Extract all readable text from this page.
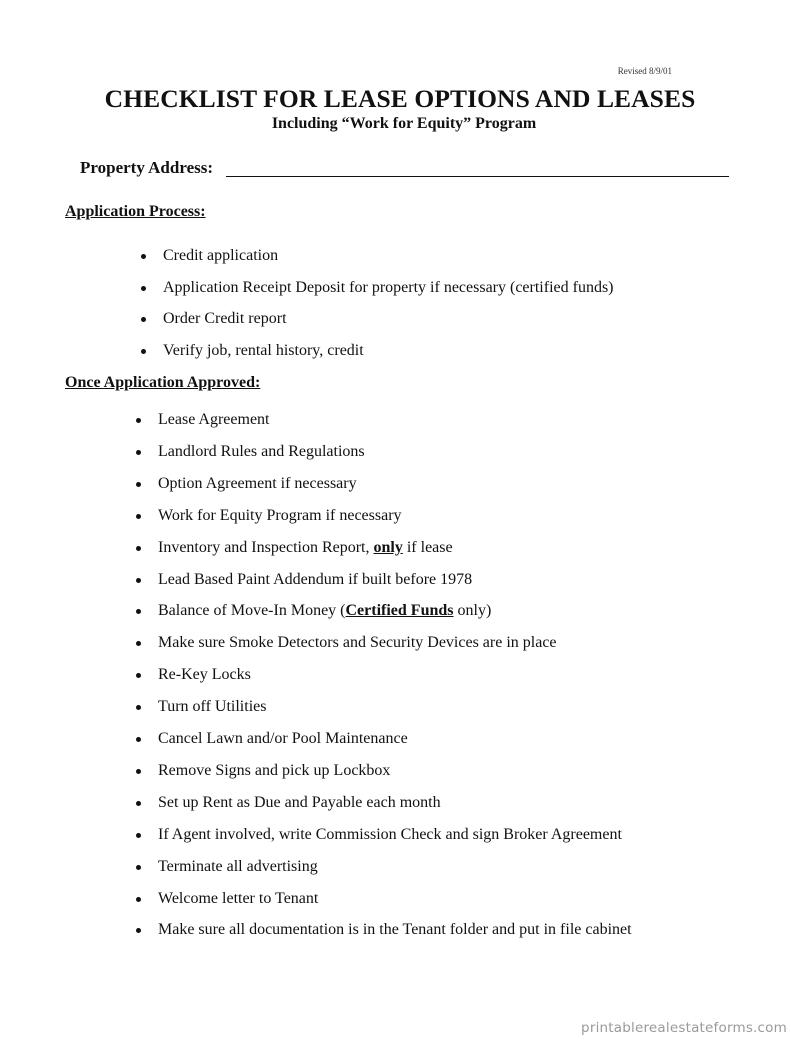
Revised 8/9/01
CHECKLIST FOR LEASE OPTIONS AND LEASES
Including “Work for Equity” Program
Property Address:
Application Process:
Credit application
Application Receipt Deposit for property if necessary (certified funds)
Order Credit report
Verify job, rental history, credit
Once Application Approved:
Lease Agreement
Landlord Rules and Regulations
Option Agreement if necessary
Work for Equity Program if necessary
Inventory and Inspection Report, only if lease
Lead Based Paint Addendum if built before 1978
Balance of Move-In Money (Certified Funds only)
Make sure Smoke Detectors and Security Devices are in place
Re-Key Locks
Turn off Utilities
Cancel Lawn and/or Pool Maintenance
Remove Signs and pick up Lockbox
Set up Rent as Due and Payable each month
If Agent involved, write Commission Check and sign Broker Agreement
Terminate all advertising
Welcome letter to Tenant
Make sure all documentation is in the Tenant folder and put in file cabinet
printablerealestateforms.com
